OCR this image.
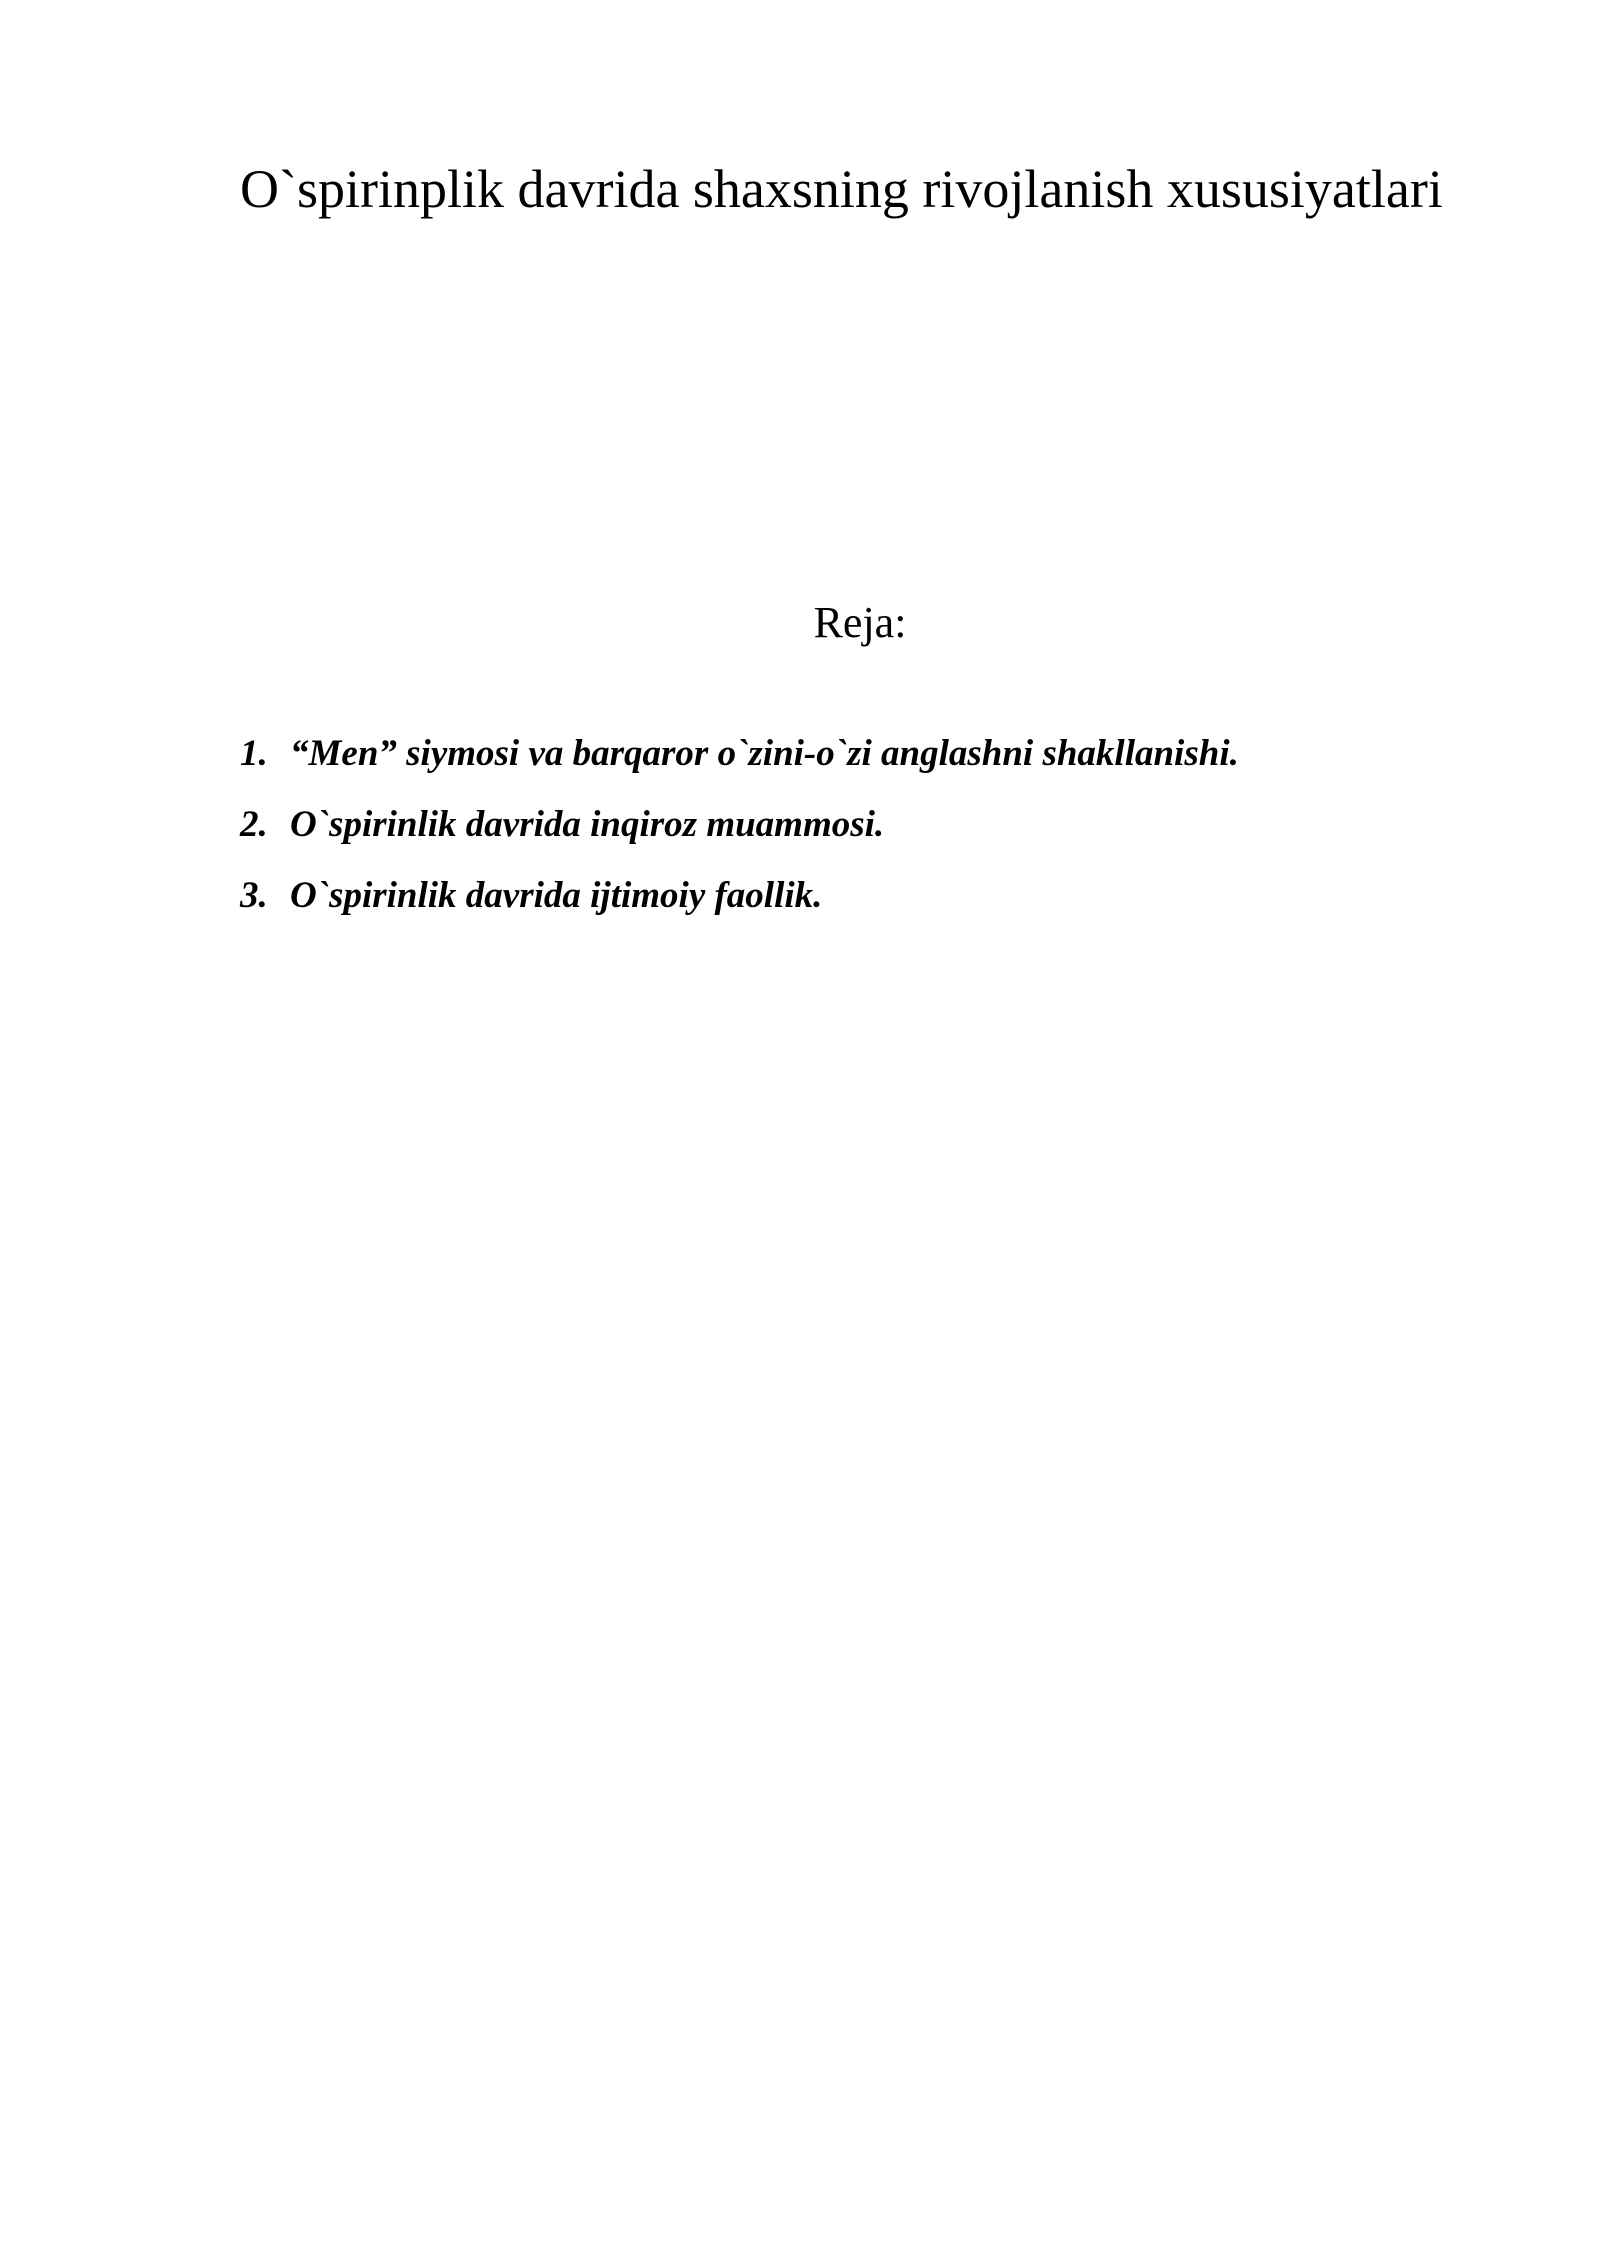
O`spirinplik davrida shaxsning rivojlanish xususiyatlari

Reja:

1. “Men” siymosi va barqaror o`zini-o`zi anglashni shakllanishi.
2. O`spirinlik davrida inqiroz muammosi.
3. O`spirinlik davrida ijtimoiy faollik.
